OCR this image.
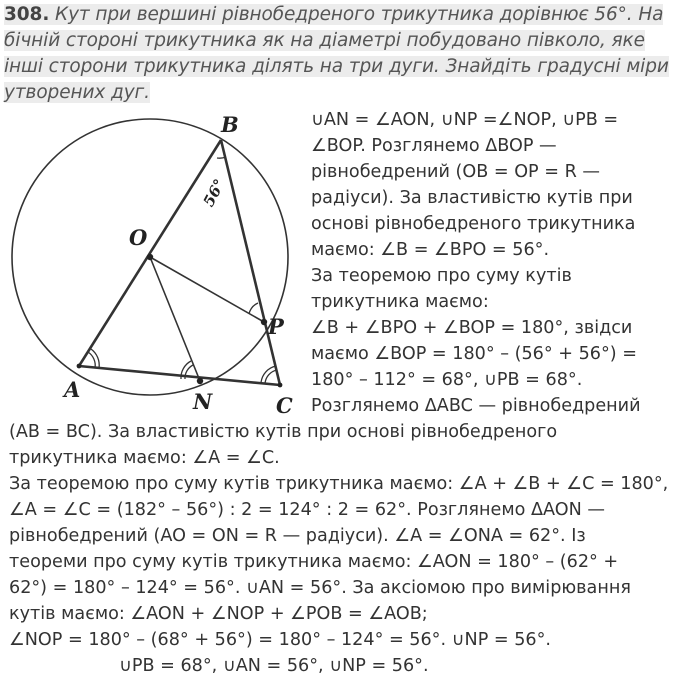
308. Кут при вершині рівнобедреного трикутника дорівнює 56°. На
бічній стороні трикутника як на діаметрі побудовано півколо, яке
інші сторони трикутника ділять на три дуги. Знайдіть градусні міри
утворених дуг.
B
O
P
A	N	C
56°
∪AN = ∠AON, ∪NP =∠NOP, ∪PB =
∠BOP. Розглянемо ΔBOP —
рівнобедрений (OB = OP = R —
радіуси). За властивістю кутів при
основі рівнобедреного трикутника
маємо: ∠B = ∠BPO = 56°.
За теоремою про суму кутів
трикутника маємо:
∠B + ∠BPO + ∠BOP = 180°, звідси
маємо ∠BOP = 180° – (56° + 56°) =
180° – 112° = 68°, ∪PB = 68°.
Розглянемо ΔABC — рівнобедрений
(AB = BC). За властивістю кутів при основі рівнобедреного
трикутника маємо: ∠A = ∠C.
За теоремою про суму кутів трикутника маємо: ∠A + ∠B + ∠C = 180°,
∠A = ∠C = (182° – 56°) : 2 = 124° : 2 = 62°. Розглянемо ΔAON —
рівнобедрений (AO = ON = R — радіуси). ∠A = ∠ONA = 62°. Із
теореми про суму кутів трикутника маємо: ∠AON = 180° – (62° +
62°) = 180° – 124° = 56°. ∪AN = 56°. За аксіомою про вимірювання
кутів маємо: ∠AON + ∠NOP + ∠POB = ∠AOB;
∠NOP = 180° – (68° + 56°) = 180° – 124° = 56°. ∪NP = 56°.
∪PB = 68°, ∪AN = 56°, ∪NP = 56°.
